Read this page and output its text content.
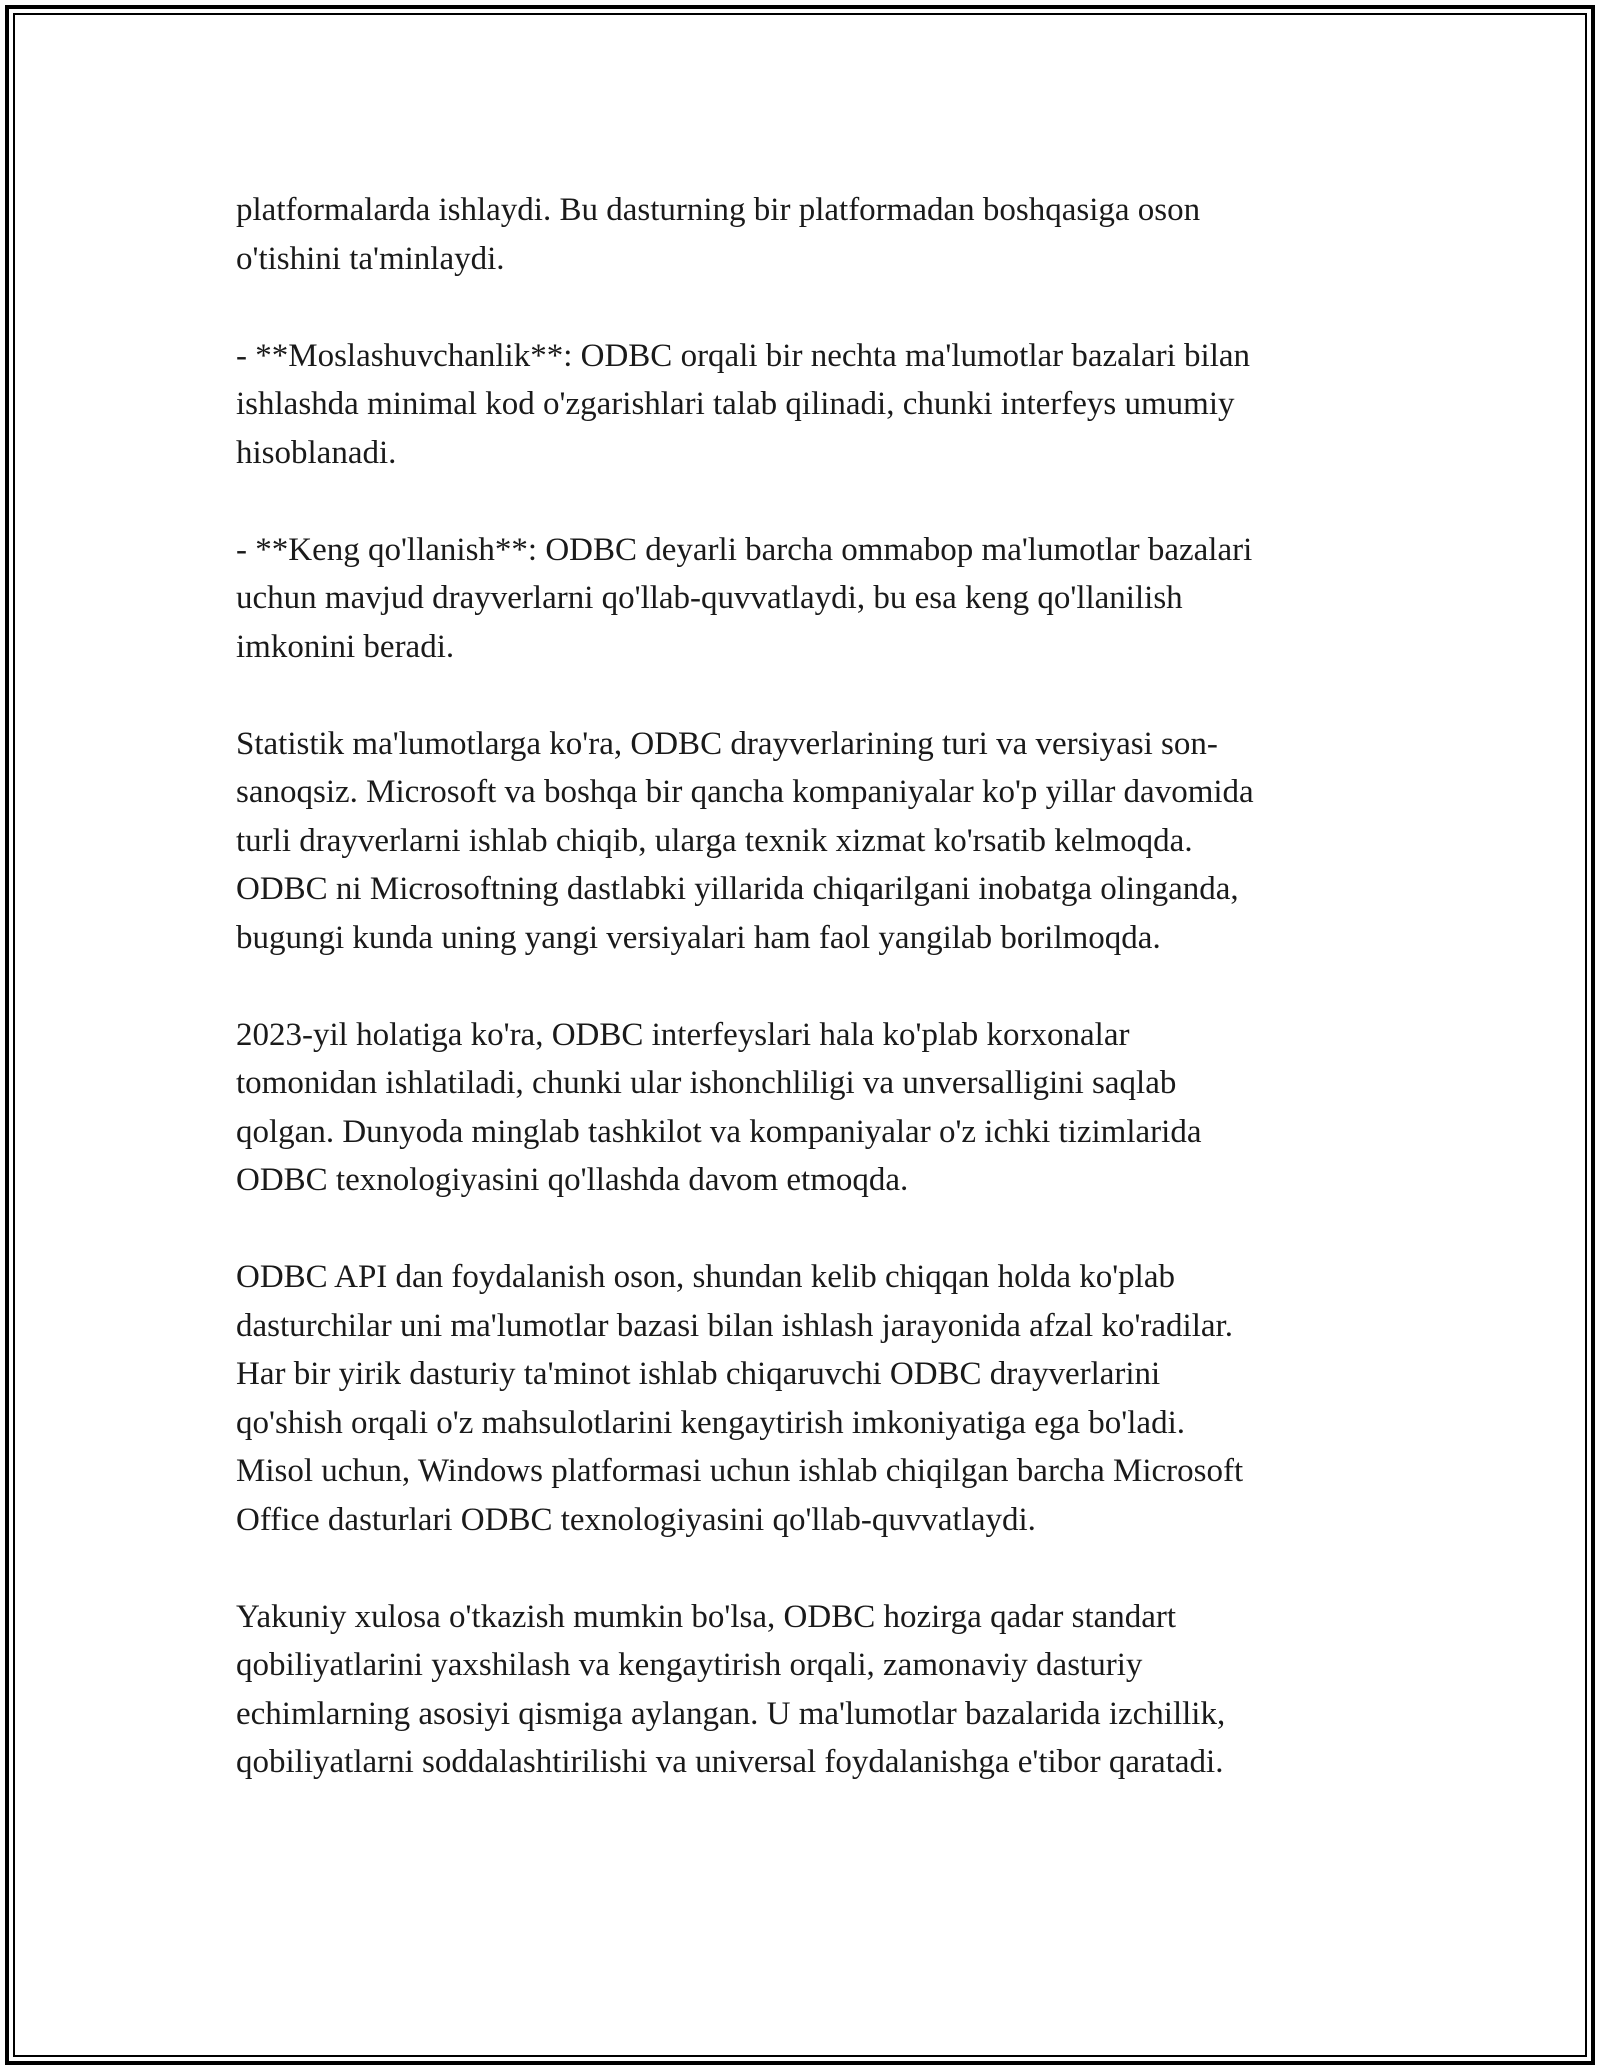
platformalarda ishlaydi. Bu dasturning bir platformadan boshqasiga oson
o'tishini ta'minlaydi.

- **Moslashuvchanlik**: ODBC orqali bir nechta ma'lumotlar bazalari bilan
ishlashda minimal kod o'zgarishlari talab qilinadi, chunki interfeys umumiy
hisoblanadi.

- **Keng qo'llanish**: ODBC deyarli barcha ommabop ma'lumotlar bazalari
uchun mavjud drayverlarni qo'llab-quvvatlaydi, bu esa keng qo'llanilish
imkonini beradi.

Statistik ma'lumotlarga ko'ra, ODBC drayverlarining turi va versiyasi son-
sanoqsiz. Microsoft va boshqa bir qancha kompaniyalar ko'p yillar davomida
turli drayverlarni ishlab chiqib, ularga texnik xizmat ko'rsatib kelmoqda.
ODBC ni Microsoftning dastlabki yillarida chiqarilgani inobatga olinganda,
bugungi kunda uning yangi versiyalari ham faol yangilab borilmoqda.

2023-yil holatiga ko'ra, ODBC interfeyslari hala ko'plab korxonalar
tomonidan ishlatiladi, chunki ular ishonchliligi va unversalligini saqlab
qolgan. Dunyoda minglab tashkilot va kompaniyalar o'z ichki tizimlarida
ODBC texnologiyasini qo'llashda davom etmoqda.

ODBC API dan foydalanish oson, shundan kelib chiqqan holda ko'plab
dasturchilar uni ma'lumotlar bazasi bilan ishlash jarayonida afzal ko'radilar.
Har bir yirik dasturiy ta'minot ishlab chiqaruvchi ODBC drayverlarini
qo'shish orqali o'z mahsulotlarini kengaytirish imkoniyatiga ega bo'ladi.
Misol uchun, Windows platformasi uchun ishlab chiqilgan barcha Microsoft
Office dasturlari ODBC texnologiyasini qo'llab-quvvatlaydi.

Yakuniy xulosa o'tkazish mumkin bo'lsa, ODBC hozirga qadar standart
qobiliyatlarini yaxshilash va kengaytirish orqali, zamonaviy dasturiy
echimlarning asosiyi qismiga aylangan. U ma'lumotlar bazalarida izchillik,
qobiliyatlarni soddalashtirilishi va universal foydalanishga e'tibor qaratadi.
